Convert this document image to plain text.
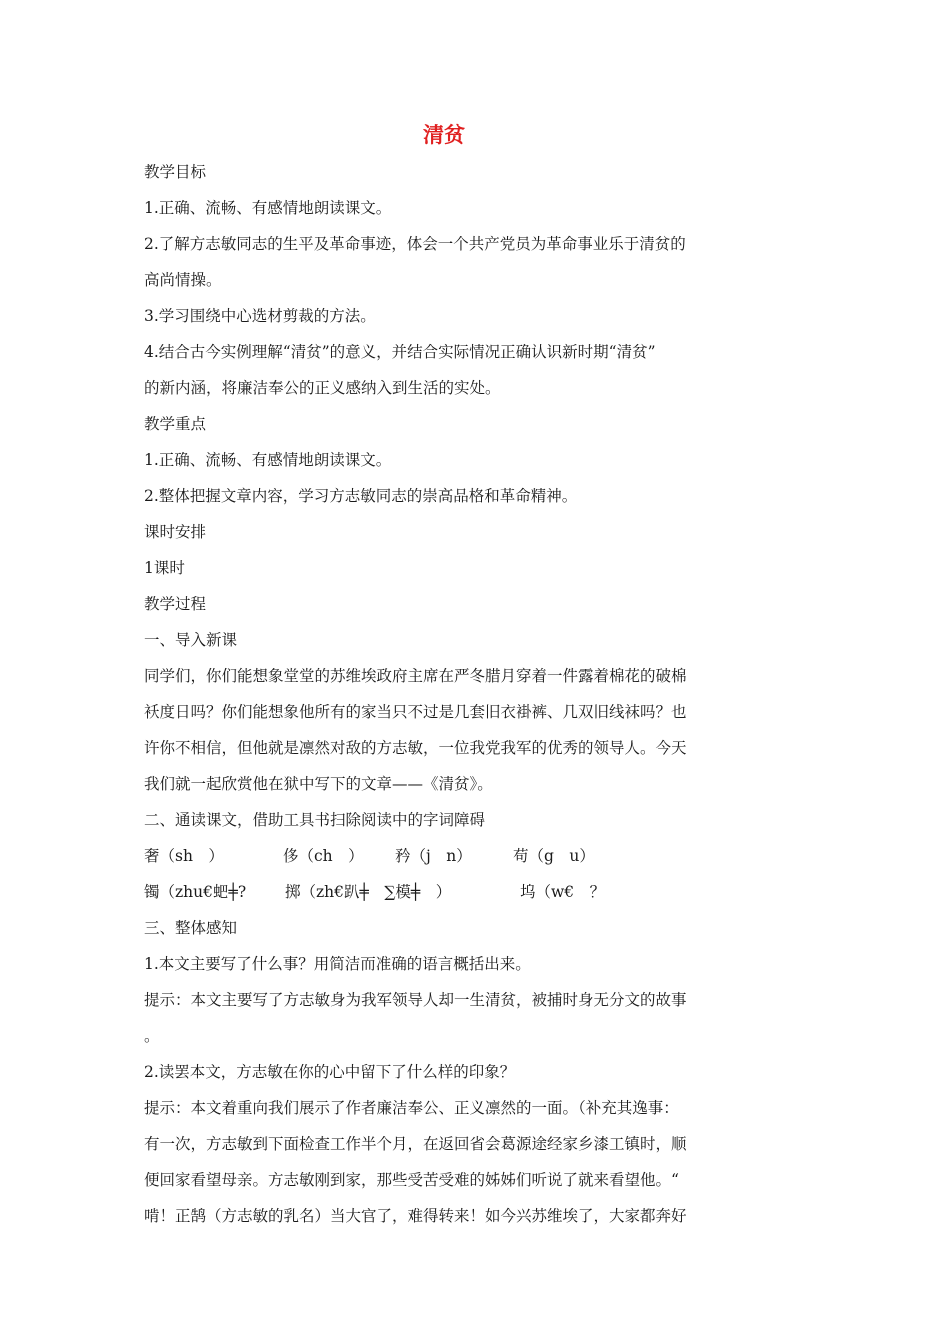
清贫
教学目标
1.正确、流畅、有感情地朗读课文。
2.了解方志敏同志的生平及革命事迹，体会一个共产党员为革命事业乐于清贫的
高尚情操。
3.学习围绕中心选材剪裁的方法。
4.结合古今实例理解“清贫”的意义，并结合实际情况正确认识新时期“清贫”
的新内涵，将廉洁奉公的正义感纳入到生活的实处。
教学重点
1.正确、流畅、有感情地朗读课文。
2.整体把握文章内容，学习方志敏同志的崇高品格和革命精神。
课时安排
1课时
教学过程
一、导入新课
同学们，你们能想象堂堂的苏维埃政府主席在严冬腊月穿着一件露着棉花的破棉
袄度日吗？你们能想象他所有的家当只不过是几套旧衣褂裤、几双旧线袜吗？也
许你不相信，但他就是凛然对敌的方志敏，一位我党我军的优秀的领导人。今天
我们就一起欣赏他在狱中写下的文章——《清贫》。
二、通读课文，借助工具书扫除阅读中的字词障碍
奢（sh　）	侈（ch　）	矜（j　n）	苟（g　u）
镯（zhu€蚆╪?	掷（zh€趴╪　∑模╪　）	坞（w€　？
三、整体感知
1.本文主要写了什么事？用简洁而准确的语言概括出来。
提示：本文主要写了方志敏身为我军领导人却一生清贫，被捕时身无分文的故事
。
2.读罢本文，方志敏在你的心中留下了什么样的印象？
提示：本文着重向我们展示了作者廉洁奉公、正义凛然的一面。（补充其逸事：
有一次，方志敏到下面检查工作半个月，在返回省会葛源途经家乡漆工镇时，顺
便回家看望母亲。方志敏刚到家，那些受苦受难的姊姊们听说了就来看望他。“
啃！正鹄（方志敏的乳名）当大官了，难得转来！如今兴苏维埃了，大家都奔好
